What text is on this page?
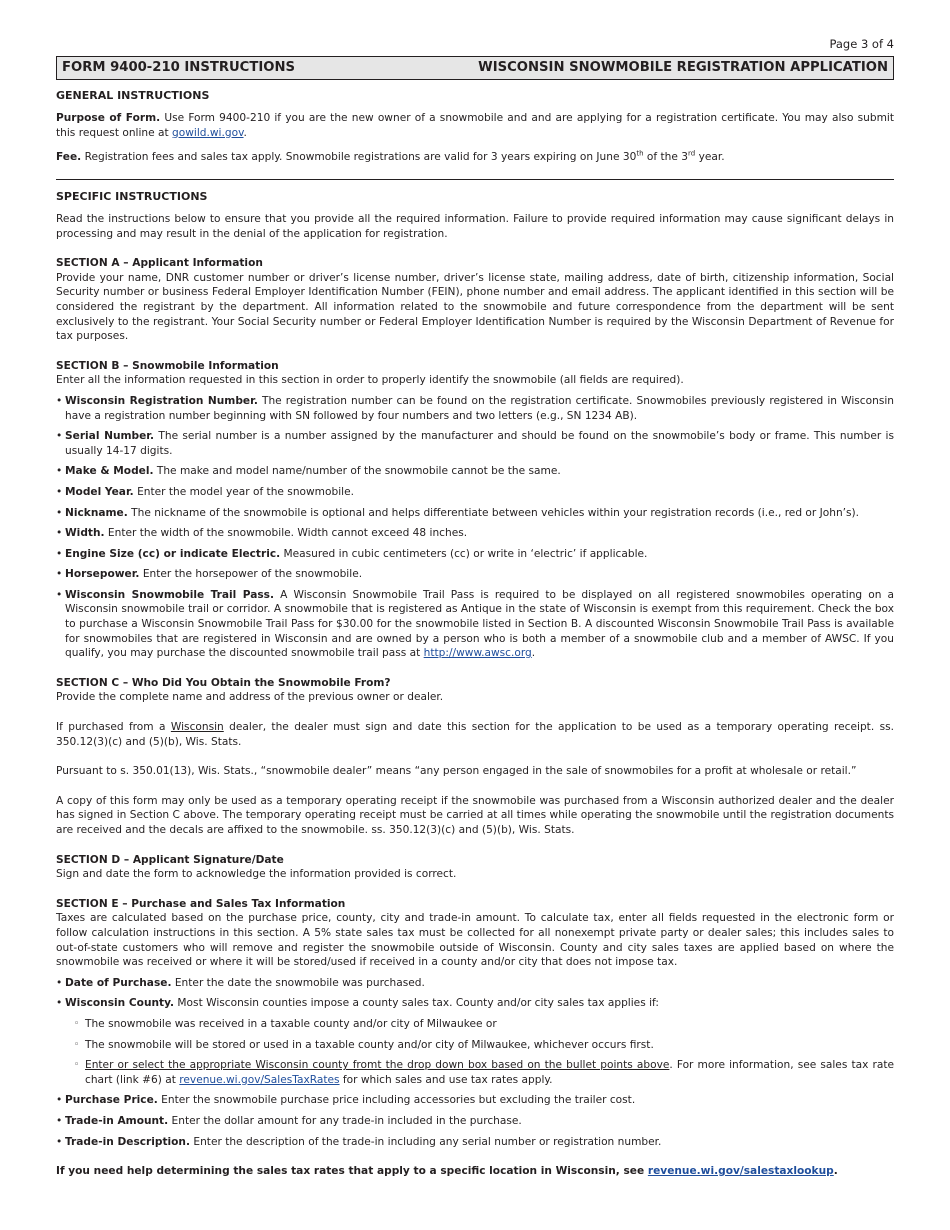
Page 3 of 4
FORM 9400-210 INSTRUCTIONS	WISCONSIN SNOWMOBILE REGISTRATION APPLICATION
GENERAL INSTRUCTIONS

Purpose of Form. Use Form 9400-210 if you are the new owner of a snowmobile and and are applying for a registration certificate. You may also submit this request online at gowild.wi.gov.

Fee. Registration fees and sales tax apply. Snowmobile registrations are valid for 3 years expiring on June 30th of the 3rd year.

SPECIFIC INSTRUCTIONS

Read the instructions below to ensure that you provide all the required information. Failure to provide required information may cause significant delays in processing and may result in the denial of the application for registration.

SECTION A – Applicant Information

Provide your name, DNR customer number or driver’s license number, driver’s license state, mailing address, date of birth, citizenship information, Social Security number or business Federal Employer Identification Number (FEIN), phone number and email address. The applicant identified in this section will be considered the registrant by the department. All information related to the snowmobile and future correspondence from the department will be sent exclusively to the registrant. Your Social Security number or Federal Employer Identification Number is required by the Wisconsin Department of Revenue for tax purposes.

SECTION B – Snowmobile Information

Enter all the information requested in this section in order to properly identify the snowmobile (all fields are required).

• Wisconsin Registration Number. The registration number can be found on the registration certificate. Snowmobiles previously registered in Wisconsin have a registration number beginning with SN followed by four numbers and two letters (e.g., SN 1234 AB).
• Serial Number. The serial number is a number assigned by the manufacturer and should be found on the snowmobile’s body or frame. This number is usually 14-17 digits.
• Make & Model. The make and model name/number of the snowmobile cannot be the same.
• Model Year. Enter the model year of the snowmobile.
• Nickname. The nickname of the snowmobile is optional and helps differentiate between vehicles within your registration records (i.e., red or John’s).
• Width. Enter the width of the snowmobile. Width cannot exceed 48 inches.
• Engine Size (cc) or indicate Electric. Measured in cubic centimeters (cc) or write in ‘electric’ if applicable.
• Horsepower. Enter the horsepower of the snowmobile.
• Wisconsin Snowmobile Trail Pass. A Wisconsin Snowmobile Trail Pass is required to be displayed on all registered snowmobiles operating on a Wisconsin snowmobile trail or corridor. A snowmobile that is registered as Antique in the state of Wisconsin is exempt from this requirement. Check the box to purchase a Wisconsin Snowmobile Trail Pass for $30.00 for the snowmobile listed in Section B. A discounted Wisconsin Snowmobile Trail Pass is available for snowmobiles that are registered in Wisconsin and are owned by a person who is both a member of a snowmobile club and a member of AWSC. If you qualify, you may purchase the discounted snowmobile trail pass at http://www.awsc.org.

SECTION C – Who Did You Obtain the Snowmobile From?

Provide the complete name and address of the previous owner or dealer.

If purchased from a Wisconsin dealer, the dealer must sign and date this section for the application to be used as a temporary operating receipt. ss. 350.12(3)(c) and (5)(b), Wis. Stats.

Pursuant to s. 350.01(13), Wis. Stats., “snowmobile dealer” means “any person engaged in the sale of snowmobiles for a profit at wholesale or retail.”

A copy of this form may only be used as a temporary operating receipt if the snowmobile was purchased from a Wisconsin authorized dealer and the dealer has signed in Section C above. The temporary operating receipt must be carried at all times while operating the snowmobile until the registration documents are received and the decals are affixed to the snowmobile. ss. 350.12(3)(c) and (5)(b), Wis. Stats.

SECTION D – Applicant Signature/Date

Sign and date the form to acknowledge the information provided is correct.

SECTION E – Purchase and Sales Tax Information

Taxes are calculated based on the purchase price, county, city and trade-in amount. To calculate tax, enter all fields requested in the electronic form or follow calculation instructions in this section. A 5% state sales tax must be collected for all nonexempt private party or dealer sales; this includes sales to out-of-state customers who will remove and register the snowmobile outside of Wisconsin. County and city sales taxes are applied based on where the snowmobile was received or where it will be stored/used if received in a county and/or city that does not impose tax.

• Date of Purchase. Enter the date the snowmobile was purchased.
• Wisconsin County. Most Wisconsin counties impose a county sales tax. County and/or city sales tax applies if:
◦ The snowmobile was received in a taxable county and/or city of Milwaukee or
◦ The snowmobile will be stored or used in a taxable county and/or city of Milwaukee, whichever occurs first.
◦ Enter or select the appropriate Wisconsin county fromt the drop down box based on the bullet points above. For more information, see sales tax rate chart (link #6) at revenue.wi.gov/SalesTaxRates for which sales and use tax rates apply.
• Purchase Price. Enter the snowmobile purchase price including accessories but excluding the trailer cost.
• Trade-in Amount. Enter the dollar amount for any trade-in included in the purchase.
• Trade-in Description. Enter the description of the trade-in including any serial number or registration number.

If you need help determining the sales tax rates that apply to a specific location in Wisconsin, see revenue.wi.gov/salestaxlookup.
